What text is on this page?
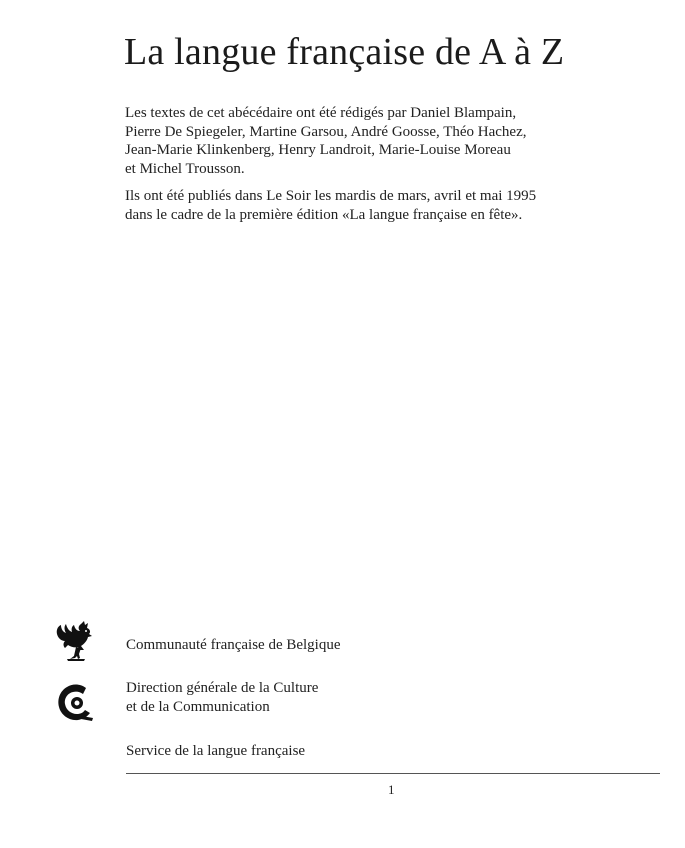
La langue française de A à Z

Les textes de cet abécédaire ont été rédigés par Daniel Blampain,
Pierre De Spiegeler, Martine Garsou, André Goosse, Théo Hachez,
Jean-Marie Klinkenberg, Henry Landroit, Marie-Louise Moreau
et Michel Trousson.

Ils ont été publiés dans Le Soir les mardis de mars, avril et mai 1995
dans le cadre de la première édition «La langue française en fête».

Communauté française de Belgique
Direction générale de la Culture
et de la Communication
Service de la langue française
1
